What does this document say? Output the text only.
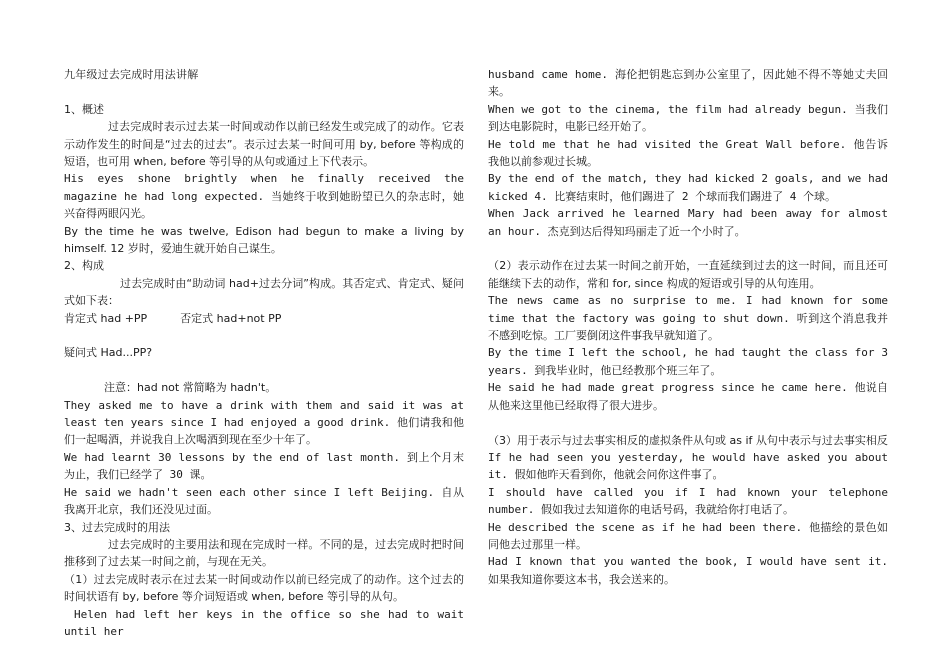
九年级过去完成时用法讲解

1、概述

过去完成时表示过去某一时间或动作以前已经发生或完成了的动作。它表示动作发生的时间是“过去的过去”。表示过去某一时间可用 by, before 等构成的短语，也可用 when, before 等引导的从句或通过上下代表示。

His eyes shone brightly when he finally received the magazine he had long expected. 当她终于收到她盼望已久的杂志时，她兴奋得两眼闪光。

By the time he was twelve, Edison had begun to make a living by himself. 12 岁时，爱迪生就开始自己谋生。

2、构成

过去完成时由“助动词 had+过去分词”构成。其否定式、肯定式、疑问式如下表：

肯定式 had +PP　　　否定式 had+not PP

疑问式 Had...PP?

注意：had not 常简略为 hadn't。

They asked me to have a drink with them and said it was at least ten years since I had enjoyed a good drink. 他们请我和他们一起喝酒，并说我自上次喝酒到现在至少十年了。

We had learnt 30 lessons by the end of last month. 到上个月末为止，我们已经学了 30 课。

He said we hadn't seen each other since I left Beijing. 自从我离开北京，我们还没见过面。

3、过去完成时的用法

过去完成时的主要用法和现在完成时一样。不同的是，过去完成时把时间推移到了过去某一时间之前，与现在无关。

（1）过去完成时表示在过去某一时间或动作以前已经完成了的动作。这个过去的时间状语有 by, before 等介词短语或 when, before 等引导的从句。

Helen had left her keys in the office so she had to wait until her

husband came home. 海伦把钥匙忘到办公室里了，因此她不得不等她丈夫回来。

When we got to the cinema, the film had already begun. 当我们到达电影院时，电影已经开始了。

He told me that he had visited the Great Wall before. 他告诉我他以前参观过长城。

By the end of the match, they had kicked 2 goals, and we had kicked 4. 比赛结束时，他们踢进了 2 个球而我们踢进了 4 个球。

When Jack arrived he learned Mary had been away for almost an hour. 杰克到达后得知玛丽走了近一个小时了。

（2）表示动作在过去某一时间之前开始，一直延续到过去的这一时间，而且还可能继续下去的动作，常和 for, since 构成的短语或引导的从句连用。

The news came as no surprise to me. I had known for some time that the factory was going to shut down. 听到这个消息我并不感到吃惊。工厂要倒闭这件事我早就知道了。

By the time I left the school, he had taught the class for 3 years. 到我毕业时，他已经教那个班三年了。

He said he had made great progress since he came here. 他说自从他来这里他已经取得了很大进步。

（3）用于表示与过去事实相反的虚拟条件从句或 as if 从句中表示与过去事实相反

If he had seen you yesterday, he would have asked you about it. 假如他昨天看到你，他就会问你这件事了。

I should have called you if I had known your telephone number. 假如我过去知道你的电话号码，我就给你打电话了。

He described the scene as if he had been there. 他描绘的景色如同他去过那里一样。

Had I known that you wanted the book, I would have sent it. 如果我知道你要这本书，我会送来的。
